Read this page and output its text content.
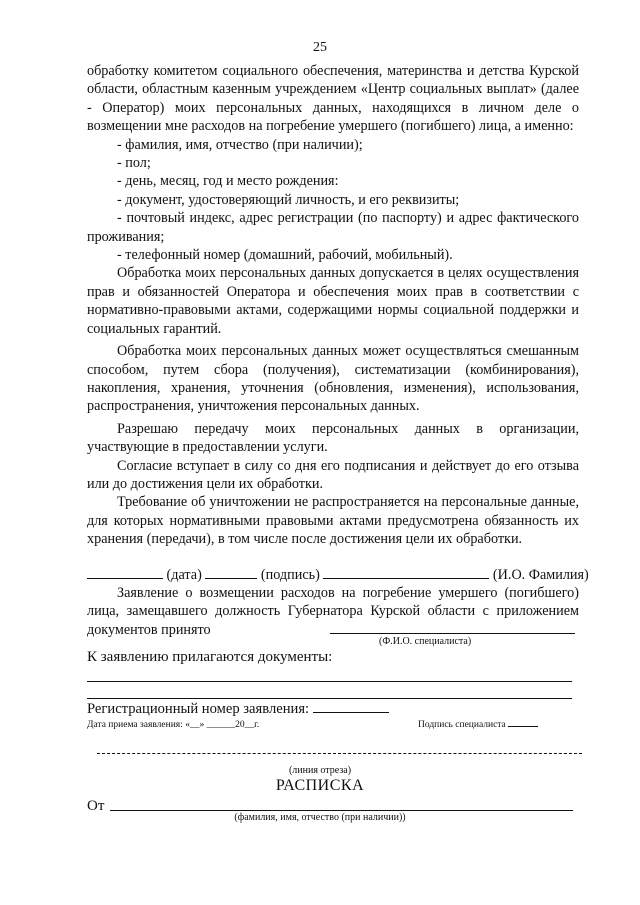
25

обработку комитетом социального обеспечения, материнства и детства Курской области, областным казенным учреждением «Центр социальных выплат» (далее - Оператор) моих персональных данных, находящихся в личном деле о возмещении мне расходов на погребение умершего (погибшего) лица, а именно:

- фамилия, имя, отчество (при наличии);

- пол;

- день, месяц, год и место рождения:

- документ, удостоверяющий личность, и его реквизиты;

- почтовый индекс, адрес регистрации (по паспорту) и адрес фактического проживания;

- телефонный номер (домашний, рабочий, мобильный).

Обработка моих персональных данных допускается в целях осуществления прав и обязанностей Оператора и обеспечения моих прав в соответствии с нормативно-правовыми актами, содержащими нормы социальной поддержки и социальных гарантий.

Обработка моих персональных данных может осуществляться смешанным способом, путем сбора (получения), систематизации (комбинирования), накопления, хранения, уточнения (обновления, изменения), использования, распространения, уничтожения персональных данных.

Разрешаю передачу моих персональных данных в организации, участвующие в предоставлении услуги.

Согласие вступает в силу со дня его подписания и действует до его отзыва или до достижения цели их обработки.

Требование об уничтожении не распространяется на персональные данные, для которых нормативными правовыми актами предусмотрена обязанность их хранения (передачи), в том числе после достижения цели их обработки.

(дата)	(подпись)	(И.О. Фамилия)
Заявление о возмещении расходов на погребение умершего (погибшего) лица, замещавшего должность Губернатора Курской области с приложением документов принято
(Ф.И.О. специалиста)
К заявлению прилагаются документы:
Регистрационный номер заявления:
Дата приема заявления: «__» ______20__г.	Подпись специалиста
(линия отреза)
РАСПИСКА
От
(фамилия, имя, отчество (при наличии))
